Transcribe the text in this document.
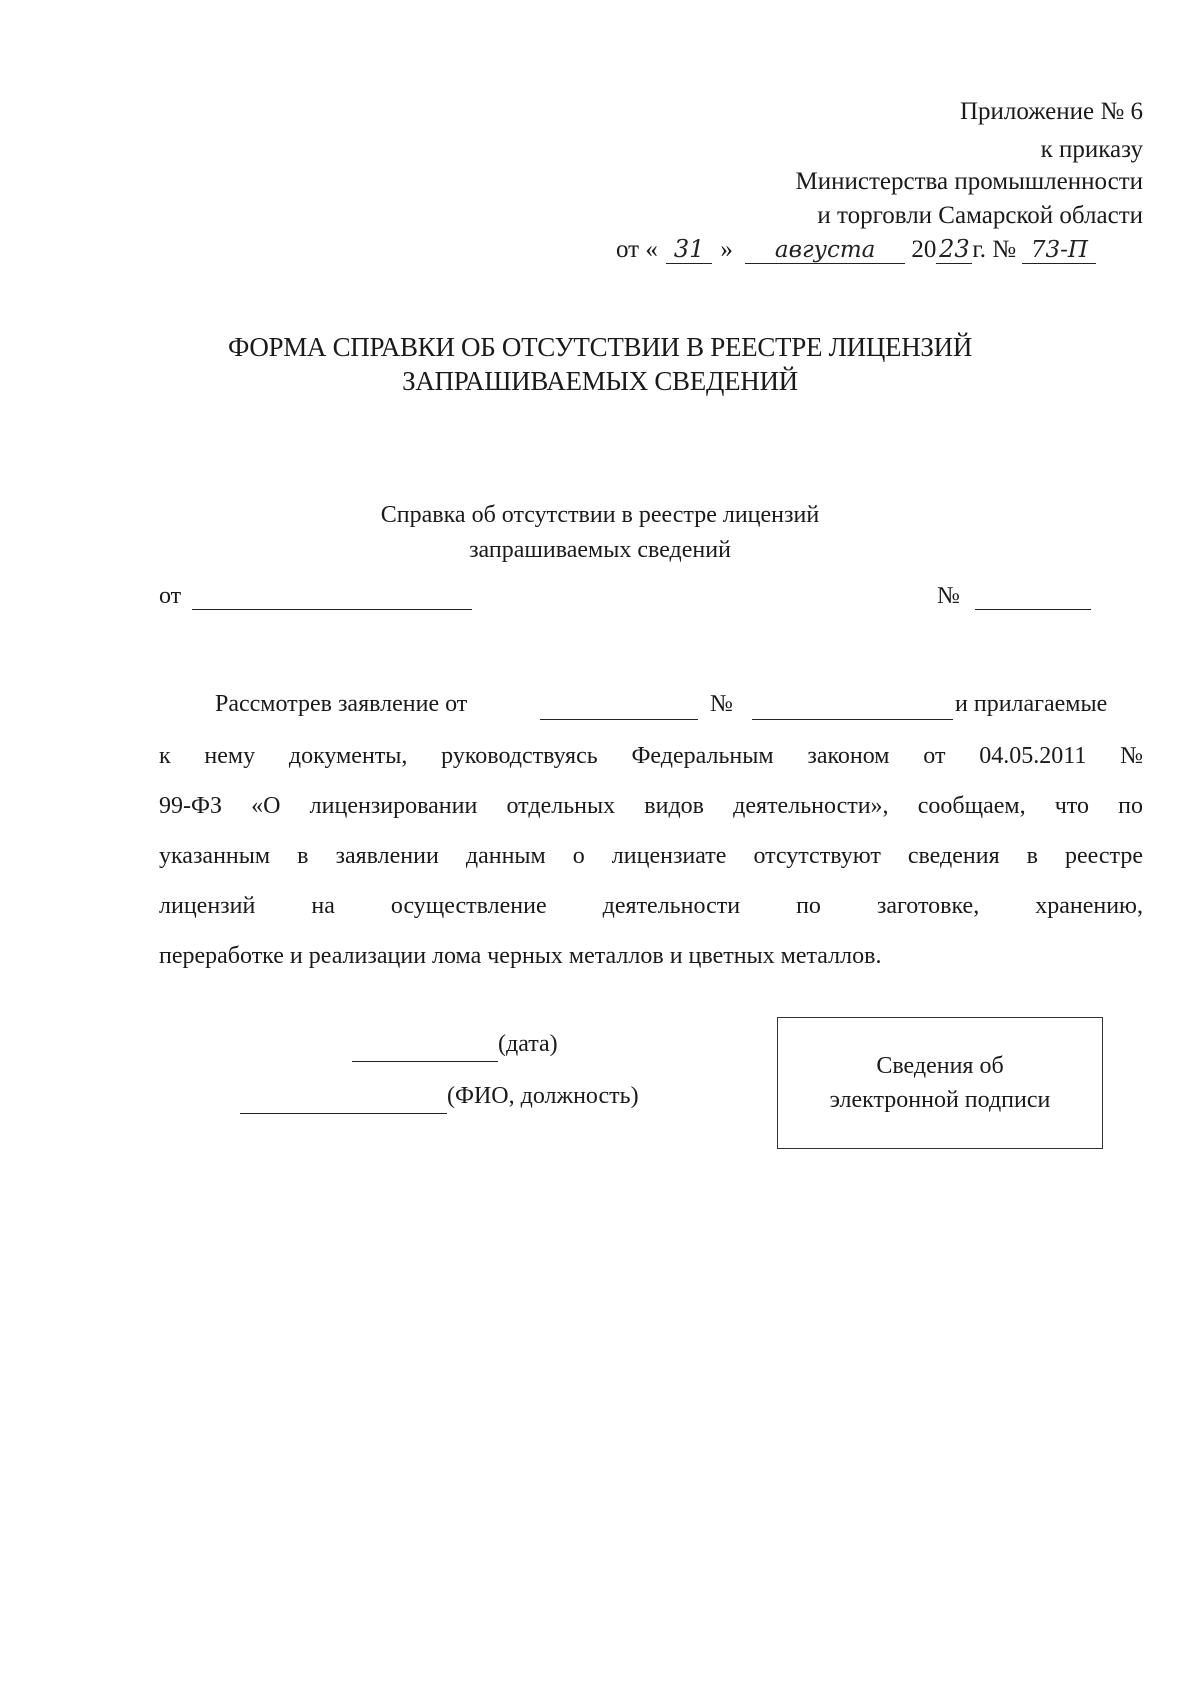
Приложение № 6
к приказу
Министерства промышленности
и торговли Самарской области
от « 31 » августа 20 23 г. № 73-П
ФОРМА СПРАВКИ ОБ ОТСУТСТВИИ В РЕЕСТРЕ ЛИЦЕНЗИЙ
ЗАПРАШИВАЕМЫХ СВЕДЕНИЙ
Справка об отсутствии в реестре лицензий
запрашиваемых сведений
от	№
Рассмотрев заявление от	№	и прилагаемые
к нему документы, руководствуясь Федеральным законом от 04.05.2011 №
99-ФЗ «О лицензировании отдельных видов деятельности», сообщаем, что по
указанным в заявлении данным о лицензиате отсутствуют сведения в реестре
лицензий на осуществление деятельности по заготовке, хранению,
переработке и реализации лома черных металлов и цветных металлов.
(дата)
(ФИО, должность)
Сведения об
электронной подписи
